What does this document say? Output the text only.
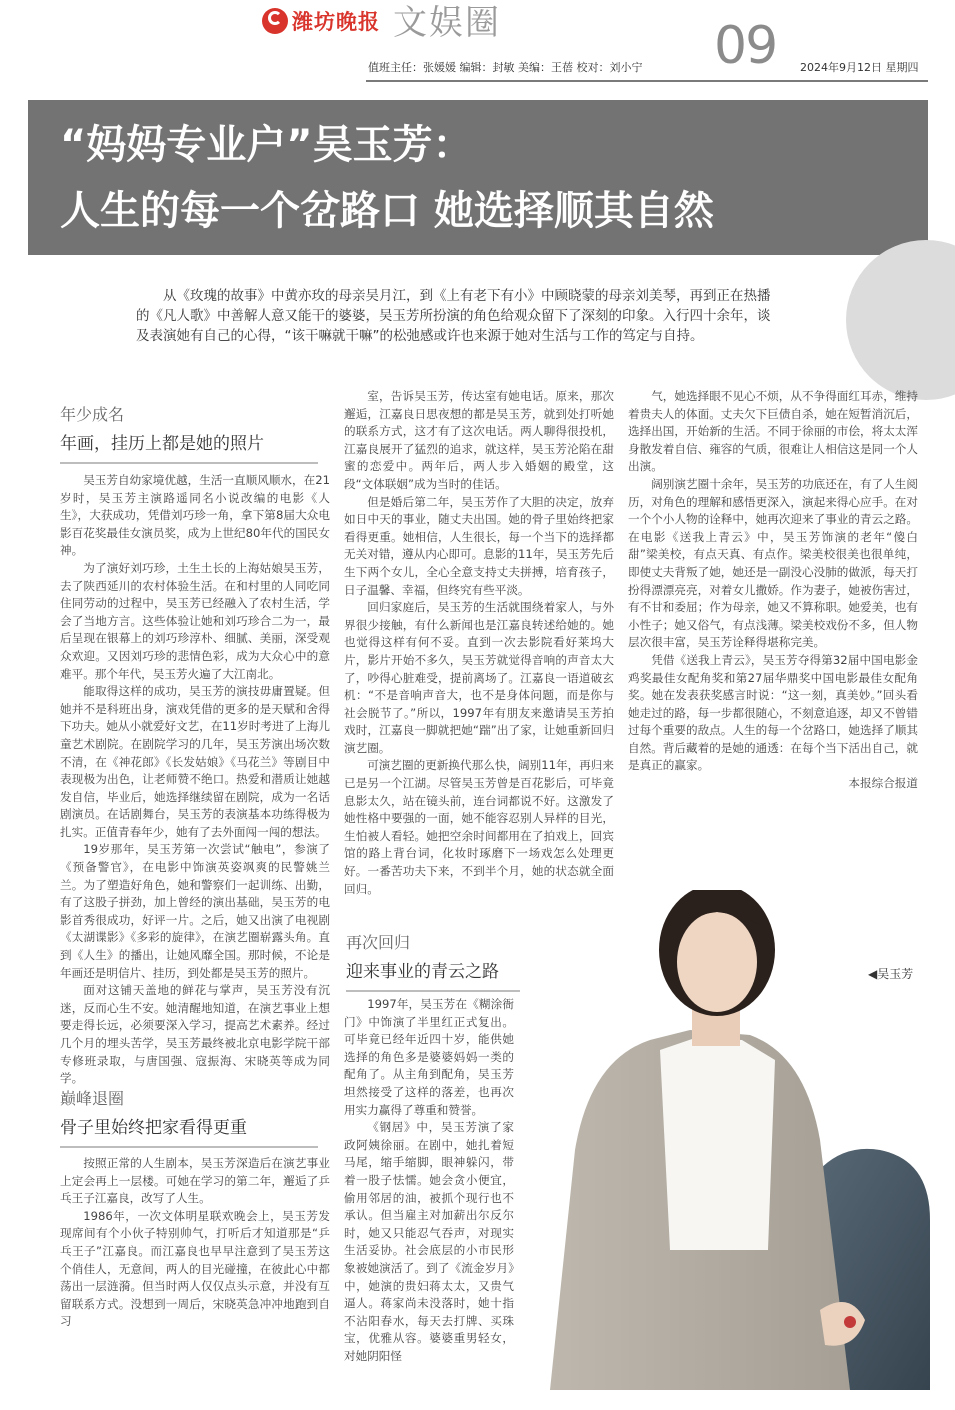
潍坊晚报 文娱圈	09
值班主任：张媛媛 编辑：封敏 美编：王蓓 校对：刘小宁	2024年9月12日 星期四
“妈妈专业户”吴玉芳：
人生的每一个岔路口 她选择顺其自然

从《玫瑰的故事》中黄亦玫的母亲吴月江，到《上有老下有小》中顾晓蒙的母亲刘美琴，再到正在热播的《凡人歌》中善解人意又能干的婆婆，吴玉芳所扮演的角色给观众留下了深刻的印象。入行四十余年，谈及表演她有自己的心得，“该干嘛就干嘛”的松弛感或许也来源于她对生活与工作的笃定与自持。

年少成名
年画，挂历上都是她的照片

吴玉芳自幼家境优越，生活一直顺风顺水，在21岁时，吴玉芳主演路遥同名小说改编的电影《人生》，大获成功，凭借刘巧珍一角，拿下第8届大众电影百花奖最佳女演员奖，成为上世纪80年代的国民女神。

为了演好刘巧珍，土生土长的上海姑娘吴玉芳，去了陕西延川的农村体验生活。在和村里的人同吃同住同劳动的过程中，吴玉芳已经融入了农村生活，学会了当地方言。这些体验让她和刘巧珍合二为一，最后呈现在银幕上的刘巧珍淳朴、细腻、美丽，深受观众欢迎。又因刘巧珍的悲情色彩，成为大众心中的意难平。那个年代，吴玉芳火遍了大江南北。

能取得这样的成功，吴玉芳的演技毋庸置疑。但她并不是科班出身，演戏凭借的更多的是天赋和舍得下功夫。她从小就爱好文艺，在11岁时考进了上海儿童艺术剧院。在剧院学习的几年，吴玉芳演出场次数不清，在《神花郎》《长发姑娘》《马花兰》等剧目中表现极为出色，让老师赞不绝口。热爱和潜质让她越发自信，毕业后，她选择继续留在剧院，成为一名话剧演员。在话剧舞台，吴玉芳的表演基本功练得极为扎实。正值青春年少，她有了去外面闯一闯的想法。

19岁那年，吴玉芳第一次尝试“触电”，参演了《预备警官》，在电影中饰演英姿飒爽的民警姚兰兰。为了塑造好角色，她和警察们一起训练、出勤，有了这股子拼劲，加上曾经的演出基础，吴玉芳的电影首秀很成功，好评一片。之后，她又出演了电视剧《太湖谍影》《多彩的旋律》，在演艺圈崭露头角。直到《人生》的播出，让她风靡全国。那时候，不论是年画还是明信片、挂历，到处都是吴玉芳的照片。

面对这铺天盖地的鲜花与掌声，吴玉芳没有沉迷，反而心生不安。她清醒地知道，在演艺事业上想要走得长远，必须要深入学习，提高艺术素养。经过几个月的埋头苦学，吴玉芳最终被北京电影学院干部专修班录取，与唐国强、寇振海、宋晓英等成为同学。

巅峰退圈
骨子里始终把家看得更重

按照正常的人生剧本，吴玉芳深造后在演艺事业上定会再上一层楼。可她在学习的第二年，邂逅了乒乓王子江嘉良，改写了人生。

1986年，一次文体明星联欢晚会上，吴玉芳发现席间有个小伙子特别帅气，打听后才知道那是“乒乓王子”江嘉良。而江嘉良也早早注意到了吴玉芳这个俏佳人，无意间，两人的目光碰撞，在彼此心中都荡出一层涟漪。但当时两人仅仅点头示意，并没有互留联系方式。没想到一周后，宋晓英急冲冲地跑到自习

室，告诉吴玉芳，传达室有她电话。原来，那次邂逅，江嘉良日思夜想的都是吴玉芳，就到处打听她的联系方式，这才有了这次电话。两人聊得很投机，江嘉良展开了猛烈的追求，就这样，吴玉芳沦陷在甜蜜的恋爱中。两年后，两人步入婚姻的殿堂，这段“文体联姻”成为当时的佳话。

但是婚后第二年，吴玉芳作了大胆的决定，放弃如日中天的事业，随丈夫出国。她的骨子里始终把家看得更重。她相信，人生很长，每一个当下的选择都无关对错，遵从内心即可。息影的11年，吴玉芳先后生下两个女儿，全心全意支持丈夫拼搏，培育孩子，日子温馨、幸福，但终究有些平淡。

回归家庭后，吴玉芳的生活就围绕着家人，与外界很少接触，有什么新闻也是江嘉良转述给她的。她也觉得这样有何不妥。直到一次去影院看好莱坞大片，影片开始不多久，吴玉芳就觉得音响的声音太大了，吵得心脏难受，提前离场了。江嘉良一语道破玄机：“不是音响声音大，也不是身体问题，而是你与社会脱节了。”所以，1997年有朋友来邀请吴玉芳拍戏时，江嘉良一脚就把她“踹”出了家，让她重新回归演艺圈。

可演艺圈的更新换代那么快，阔别11年，再归来已是另一个江湖。尽管吴玉芳曾是百花影后，可毕竟息影太久，站在镜头前，连台词都说不好。这激发了她性格中要强的一面，她不能容忍别人异样的目光，生怕被人看轻。她把空余时间都用在了拍戏上，回宾馆的路上背台词，化妆时琢磨下一场戏怎么处理更好。一番苦功夫下来，不到半个月，她的状态就全面回归。

再次回归
迎来事业的青云之路

1997年，吴玉芳在《糊涂衙门》中饰演了半里红正式复出。可毕竟已经年近四十岁，能供她选择的角色多是婆婆妈妈一类的配角了。从主角到配角，吴玉芳坦然接受了这样的落差，也再次用实力赢得了尊重和赞誉。

《钢居》中，吴玉芳演了家政阿姨徐丽。在剧中，她扎着短马尾，缩手缩脚，眼神躲闪，带着一股子怯懦。她会贪小便宜，偷用邻居的油，被抓个现行也不承认。但当雇主对加薪出尔反尔时，她又只能忍气吞声，对现实生活妥协。社会底层的小市民形象被她演活了。到了《流金岁月》中，她演的贵妇蒋太太，又贵气逼人。蒋家尚未没落时，她十指不沾阳春水，每天去打牌、买珠宝，优雅从容。婆婆重男轻女，对她阴阳怪

气，她选择眼不见心不烦，从不争得面红耳赤，维持着贵夫人的体面。丈夫欠下巨债自杀，她在短暂消沉后，选择出国，开始新的生活。不同于徐丽的市侩，将太太浑身散发着自信、雍容的气质，很难让人相信这是同一个人出演。

阔别演艺圈十余年，吴玉芳的功底还在，有了人生阅历，对角色的理解和感悟更深入，演起来得心应手。在对一个个小人物的诠释中，她再次迎来了事业的青云之路。在电影《送我上青云》中，吴玉芳饰演的老年“傻白甜”梁美校，有点天真、有点作。梁美校很美也很单纯，即使丈夫背叛了她，她还是一副没心没肺的做派，每天打扮得漂漂亮亮，对着女儿撒娇。作为妻子，她被伤害过，有不甘和委屈；作为母亲，她又不算称职。她爱美，也有小性子；她又俗气，有点浅薄。梁美校戏份不多，但人物层次很丰富，吴玉芳诠释得堪称完美。

凭借《送我上青云》，吴玉芳夺得第32届中国电影金鸡奖最佳女配角奖和第27届华鼎奖中国电影最佳女配角奖。她在发表获奖感言时说：“这一刻，真美妙。”回头看她走过的路，每一步都很随心，不刻意追逐，却又不曾错过每个重要的敌点。人生的每一个岔路口，她选择了顺其自然。背后藏着的是她的通透：在每个当下活出自己，就是真正的赢家。

本报综合报道

◀吴玉芳
